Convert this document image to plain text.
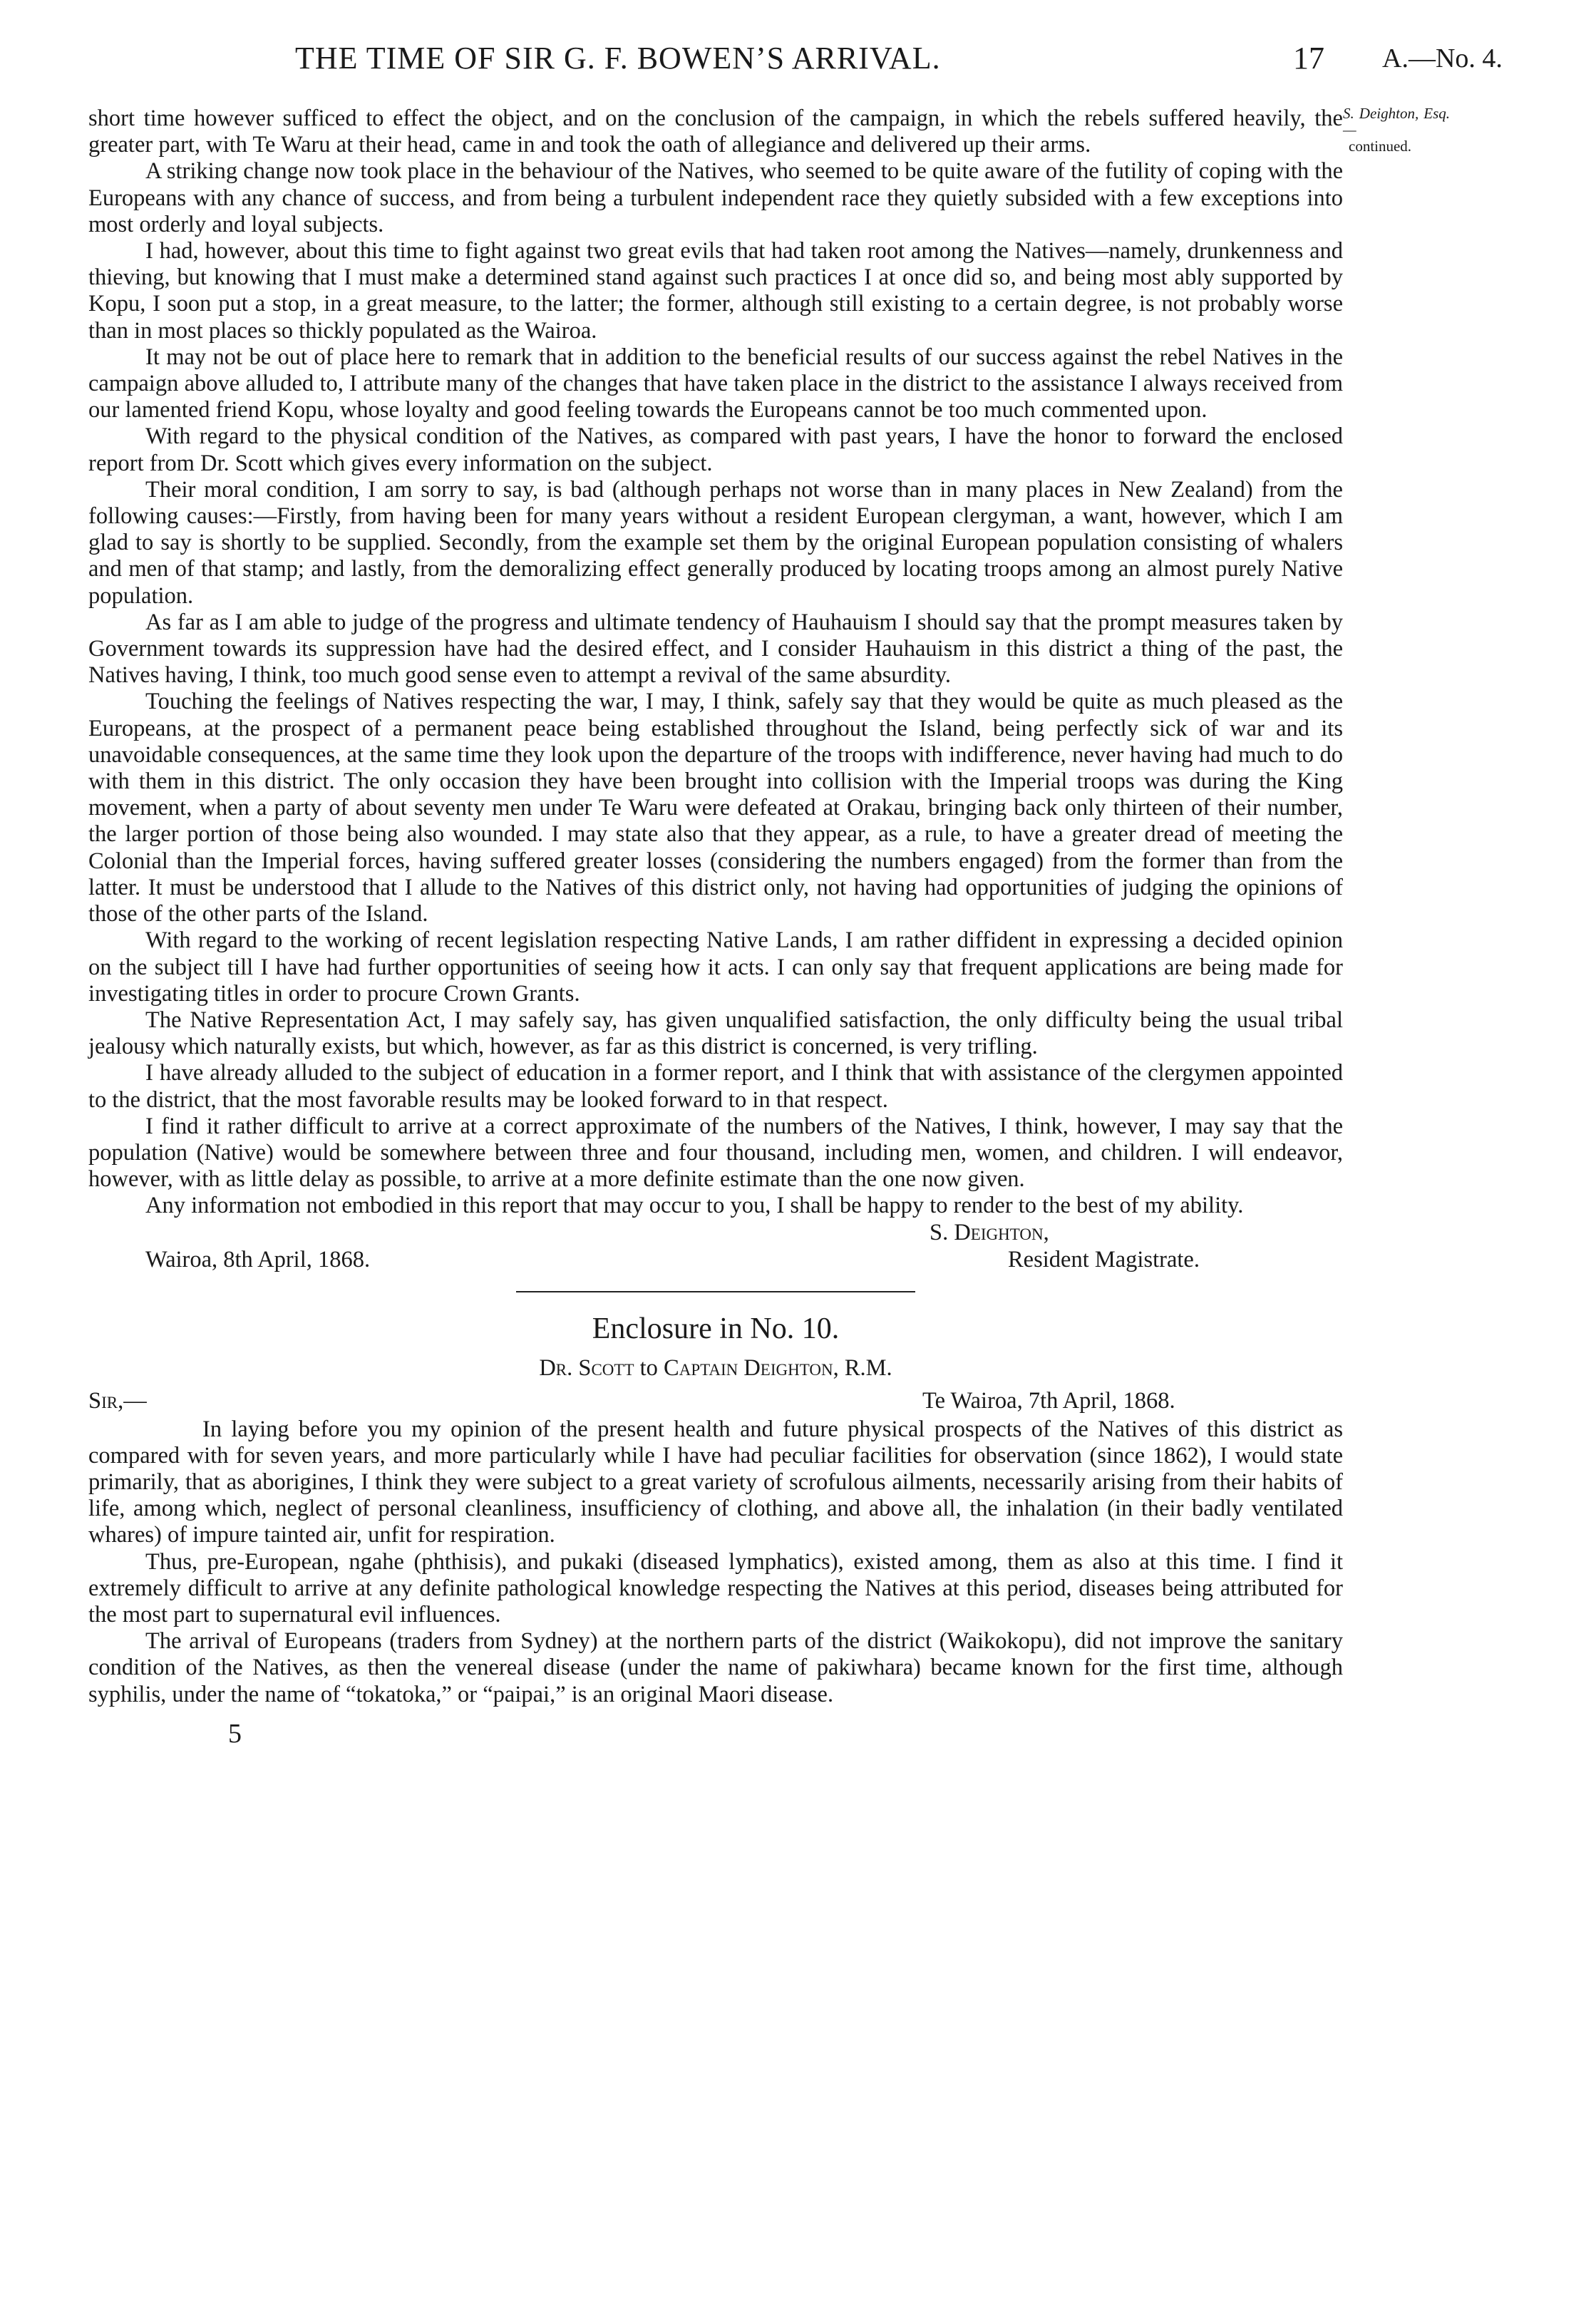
THE TIME OF SIR G. F. BOWEN’S ARRIVAL.	17 A.—No. 4.
S. Deighton, Esq.—
continued.

short time however sufficed to effect the object, and on the conclusion of the campaign, in which the rebels suffered heavily, the greater part, with Te Waru at their head, came in and took the oath of allegiance and delivered up their arms.

A striking change now took place in the behaviour of the Natives, who seemed to be quite aware of the futility of coping with the Europeans with any chance of success, and from being a turbulent independent race they quietly subsided with a few exceptions into most orderly and loyal subjects.

I had, however, about this time to fight against two great evils that had taken root among the Natives—namely, drunkenness and thieving, but knowing that I must make a determined stand against such practices I at once did so, and being most ably supported by Kopu, I soon put a stop, in a great measure, to the latter; the former, although still existing to a certain degree, is not probably worse than in most places so thickly populated as the Wairoa.

It may not be out of place here to remark that in addition to the beneficial results of our success against the rebel Natives in the campaign above alluded to, I attribute many of the changes that have taken place in the district to the assistance I always received from our lamented friend Kopu, whose loyalty and good feeling towards the Europeans cannot be too much commented upon.

With regard to the physical condition of the Natives, as compared with past years, I have the honor to forward the enclosed report from Dr. Scott which gives every information on the subject.

Their moral condition, I am sorry to say, is bad (although perhaps not worse than in many places in New Zealand) from the following causes:—Firstly, from having been for many years without a resident European clergyman, a want, however, which I am glad to say is shortly to be supplied. Secondly, from the example set them by the original European population consisting of whalers and men of that stamp; and lastly, from the demoralizing effect generally produced by locating troops among an almost purely Native population.

As far as I am able to judge of the progress and ultimate tendency of Hauhauism I should say that the prompt measures taken by Government towards its suppression have had the desired effect, and I consider Hauhauism in this district a thing of the past, the Natives having, I think, too much good sense even to attempt a revival of the same absurdity.

Touching the feelings of Natives respecting the war, I may, I think, safely say that they would be quite as much pleased as the Europeans, at the prospect of a permanent peace being established throughout the Island, being perfectly sick of war and its unavoidable consequences, at the same time they look upon the departure of the troops with indifference, never having had much to do with them in this district. The only occasion they have been brought into collision with the Imperial troops was during the King movement, when a party of about seventy men under Te Waru were defeated at Orakau, bringing back only thirteen of their number, the larger portion of those being also wounded. I may state also that they appear, as a rule, to have a greater dread of meeting the Colonial than the Imperial forces, having suffered greater losses (considering the numbers engaged) from the former than from the latter. It must be understood that I allude to the Natives of this district only, not having had opportunities of judging the opinions of those of the other parts of the Island.

With regard to the working of recent legislation respecting Native Lands, I am rather diffident in expressing a decided opinion on the subject till I have had further opportunities of seeing how it acts. I can only say that frequent applications are being made for investigating titles in order to procure Crown Grants.

The Native Representation Act, I may safely say, has given unqualified satisfaction, the only difficulty being the usual tribal jealousy which naturally exists, but which, however, as far as this district is concerned, is very trifling.

I have already alluded to the subject of education in a former report, and I think that with assistance of the clergymen appointed to the district, that the most favorable results may be looked forward to in that respect.

I find it rather difficult to arrive at a correct approximate of the numbers of the Natives, I think, however, I may say that the population (Native) would be somewhere between three and four thousand, including men, women, and children. I will endeavor, however, with as little delay as possible, to arrive at a more definite estimate than the one now given.

Any information not embodied in this report that may occur to you, I shall be happy to render to the best of my ability.

S. Deighton,
Wairoa, 8th April, 1868.	Resident Magistrate.
Enclosure in No. 10.
Dr. Scott to Captain Deighton, R.M.
Sir,—	Te Wairoa, 7th April, 1868.

In laying before you my opinion of the present health and future physical prospects of the Natives of this district as compared with for seven years, and more particularly while I have had peculiar facilities for observation (since 1862), I would state primarily, that as aborigines, I think they were subject to a great variety of scrofulous ailments, necessarily arising from their habits of life, among which, neglect of personal cleanliness, insufficiency of clothing, and above all, the inhalation (in their badly ventilated whares) of impure tainted air, unfit for respiration.

Thus, pre-European, ngahe (phthisis), and pukaki (diseased lymphatics), existed among, them as also at this time. I find it extremely difficult to arrive at any definite pathological knowledge respecting the Natives at this period, diseases being attributed for the most part to supernatural evil influences.

The arrival of Europeans (traders from Sydney) at the northern parts of the district (Waikokopu), did not improve the sanitary condition of the Natives, as then the venereal disease (under the name of pakiwhara) became known for the first time, although syphilis, under the name of “tokatoka,” or “paipai,” is an original Maori disease.

5
